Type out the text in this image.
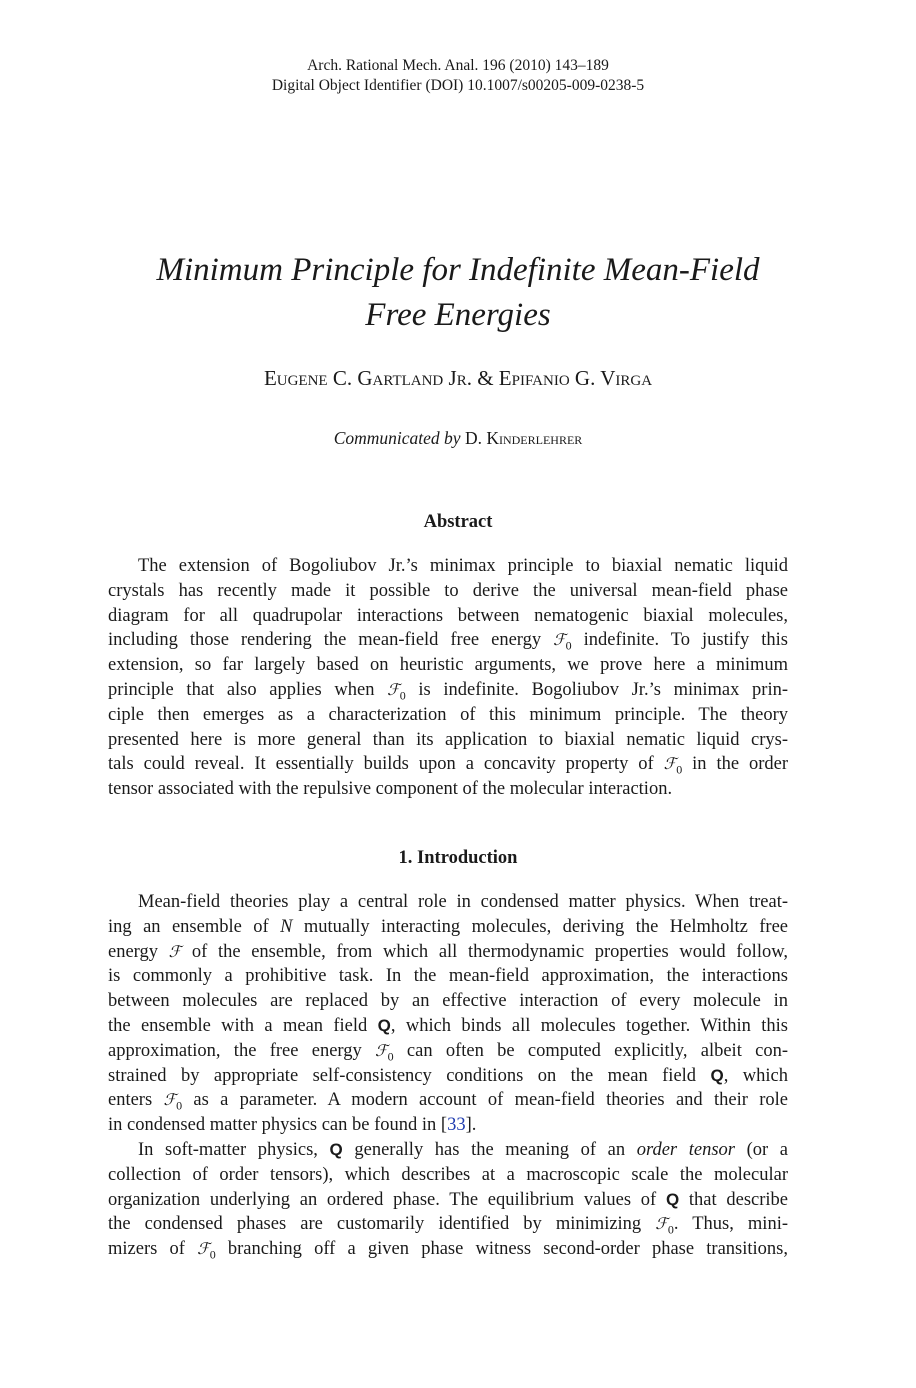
Arch. Rational Mech. Anal. 196 (2010) 143–189
Digital Object Identifier (DOI) 10.1007/s00205-009-0238-5
Minimum Principle for Indefinite Mean-Field
Free Energies
Eugene C. Gartland Jr. & Epifanio G. Virga
Communicated by D. Kinderlehrer
Abstract
The extension of Bogoliubov Jr.’s minimax principle to biaxial nematic liquid
crystals has recently made it possible to derive the universal mean-field phase
diagram for all quadrupolar interactions between nematogenic biaxial molecules,
including those rendering the mean-field free energy ℱ$_0$ indefinite. To justify this
extension, so far largely based on heuristic arguments, we prove here a minimum
principle that also applies when ℱ$_0$ is indefinite. Bogoliubov Jr.’s minimax prin-
ciple then emerges as a characterization of this minimum principle. The theory
presented here is more general than its application to biaxial nematic liquid crys-
tals could reveal. It essentially builds upon a concavity property of ℱ$_0$ in the order
tensor associated with the repulsive component of the molecular interaction.
1. Introduction
Mean-field theories play a central role in condensed matter physics. When treat-
ing an ensemble of N mutually interacting molecules, deriving the Helmholtz free
energy ℱ of the ensemble, from which all thermodynamic properties would follow,
is commonly a prohibitive task. In the mean-field approximation, the interactions
between molecules are replaced by an effective interaction of every molecule in
the ensemble with a mean field Q, which binds all molecules together. Within this
approximation, the free energy ℱ$_0$ can often be computed explicitly, albeit con-
strained by appropriate self-consistency conditions on the mean field Q, which
enters ℱ$_0$ as a parameter. A modern account of mean-field theories and their role
in condensed matter physics can be found in [33].
In soft-matter physics, Q generally has the meaning of an order tensor (or a
collection of order tensors), which describes at a macroscopic scale the molecular
organization underlying an ordered phase. The equilibrium values of Q that describe
the condensed phases are customarily identified by minimizing ℱ$_0$. Thus, mini-
mizers of ℱ$_0$ branching off a given phase witness second-order phase transitions,
